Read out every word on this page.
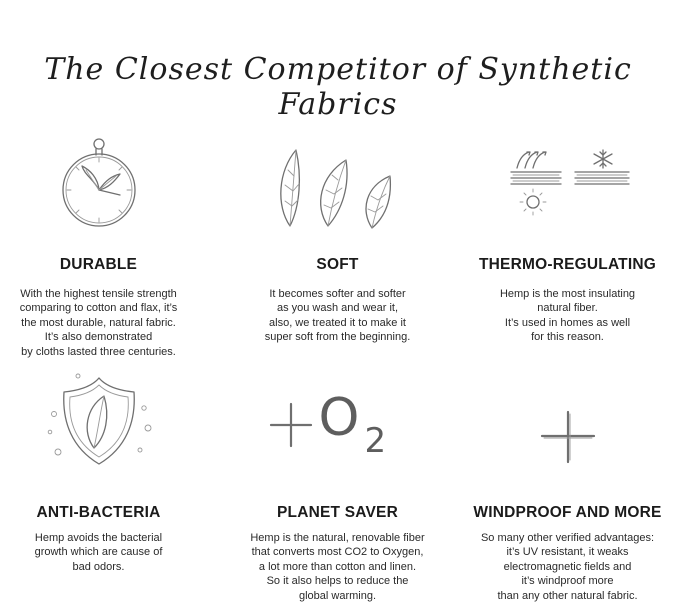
The Closest Competitor of Synthetic Fabrics
DURABLE
With the highest tensile strength
comparing to cotton and flax, it’s
the most durable, natural fabric.
It’s also demonstrated
by cloths lasted three centuries.
SOFT
It becomes softer and softer
as you wash and wear it,
also, we treated it to make it
super soft from the beginning.
THERMO-REGULATING
Hemp is the most insulating
natural fiber.
It’s used in homes as well
for this reason.
ANTI-BACTERIA
Hemp avoids the bacterial
growth which are cause of
bad odors.
O 2
PLANET SAVER
Hemp is the natural, renovable fiber
that converts most CO2 to Oxygen,
a lot more than cotton and linen.
So it also helps to reduce the
global warming.
WINDPROOF AND MORE
So many other verified advantages:
it’s UV resistant, it weaks
electromagnetic fields and
it’s windproof more
than any other natural fabric.
